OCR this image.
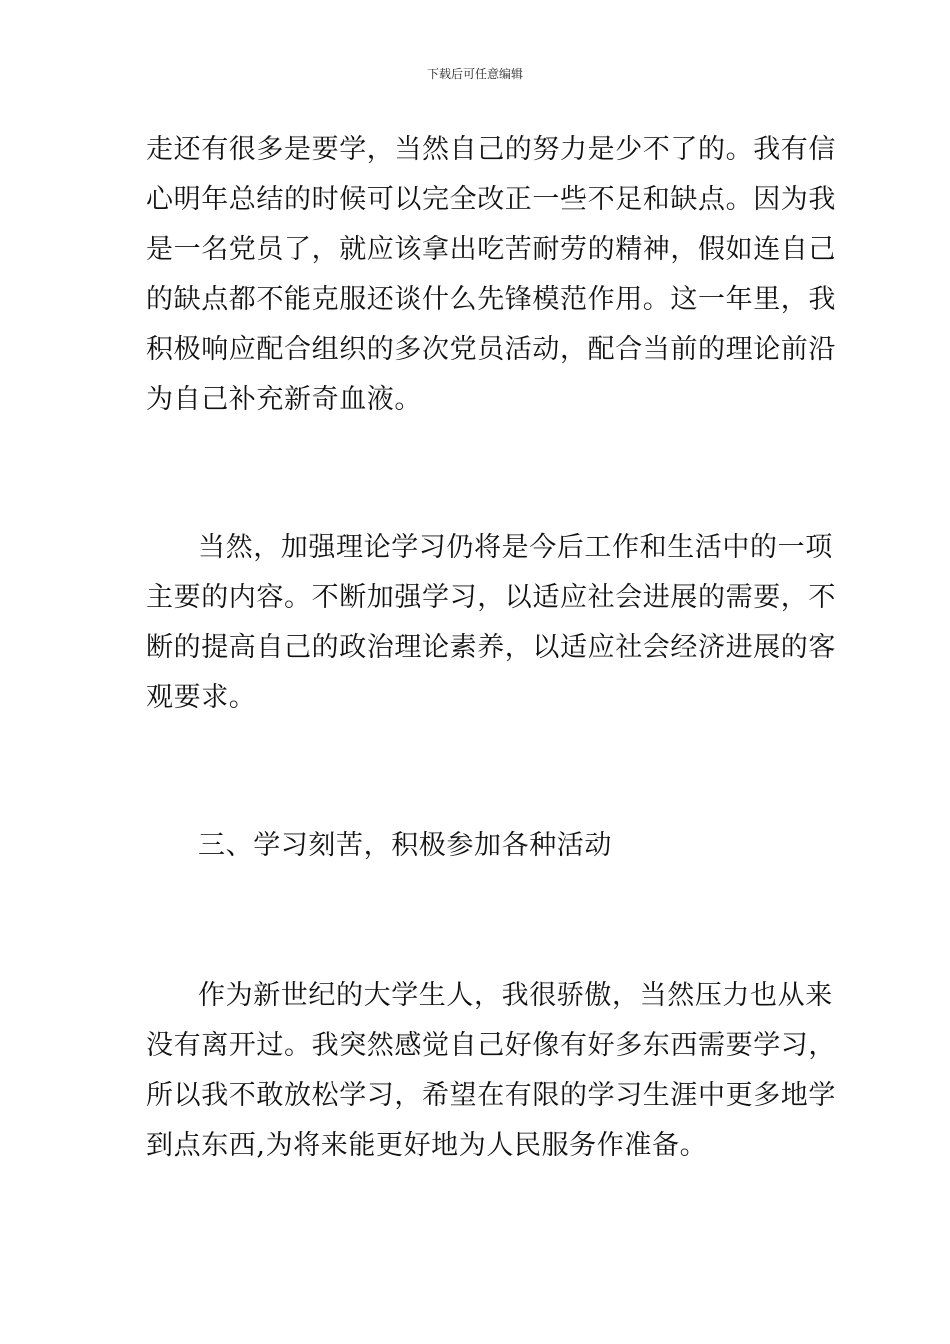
下载后可任意编辑
走还有很多是要学，当然自己的努力是少不了的。我有信
心明年总结的时候可以完全改正一些不足和缺点。因为我
是一名党员了，就应该拿出吃苦耐劳的精神，假如连自己
的缺点都不能克服还谈什么先锋模范作用。这一年里，我
积极响应配合组织的多次党员活动，配合当前的理论前沿
为自己补充新奇血液。
当然，加强理论学习仍将是今后工作和生活中的一项
主要的内容。不断加强学习，以适应社会进展的需要，不
断的提高自己的政治理论素养，以适应社会经济进展的客
观要求。
三、学习刻苦，积极参加各种活动
作为新世纪的大学生人，我很骄傲，当然压力也从来
没有离开过。我突然感觉自己好像有好多东西需要学习，
所以我不敢放松学习，希望在有限的学习生涯中更多地学
到点东西,为将来能更好地为人民服务作准备。
